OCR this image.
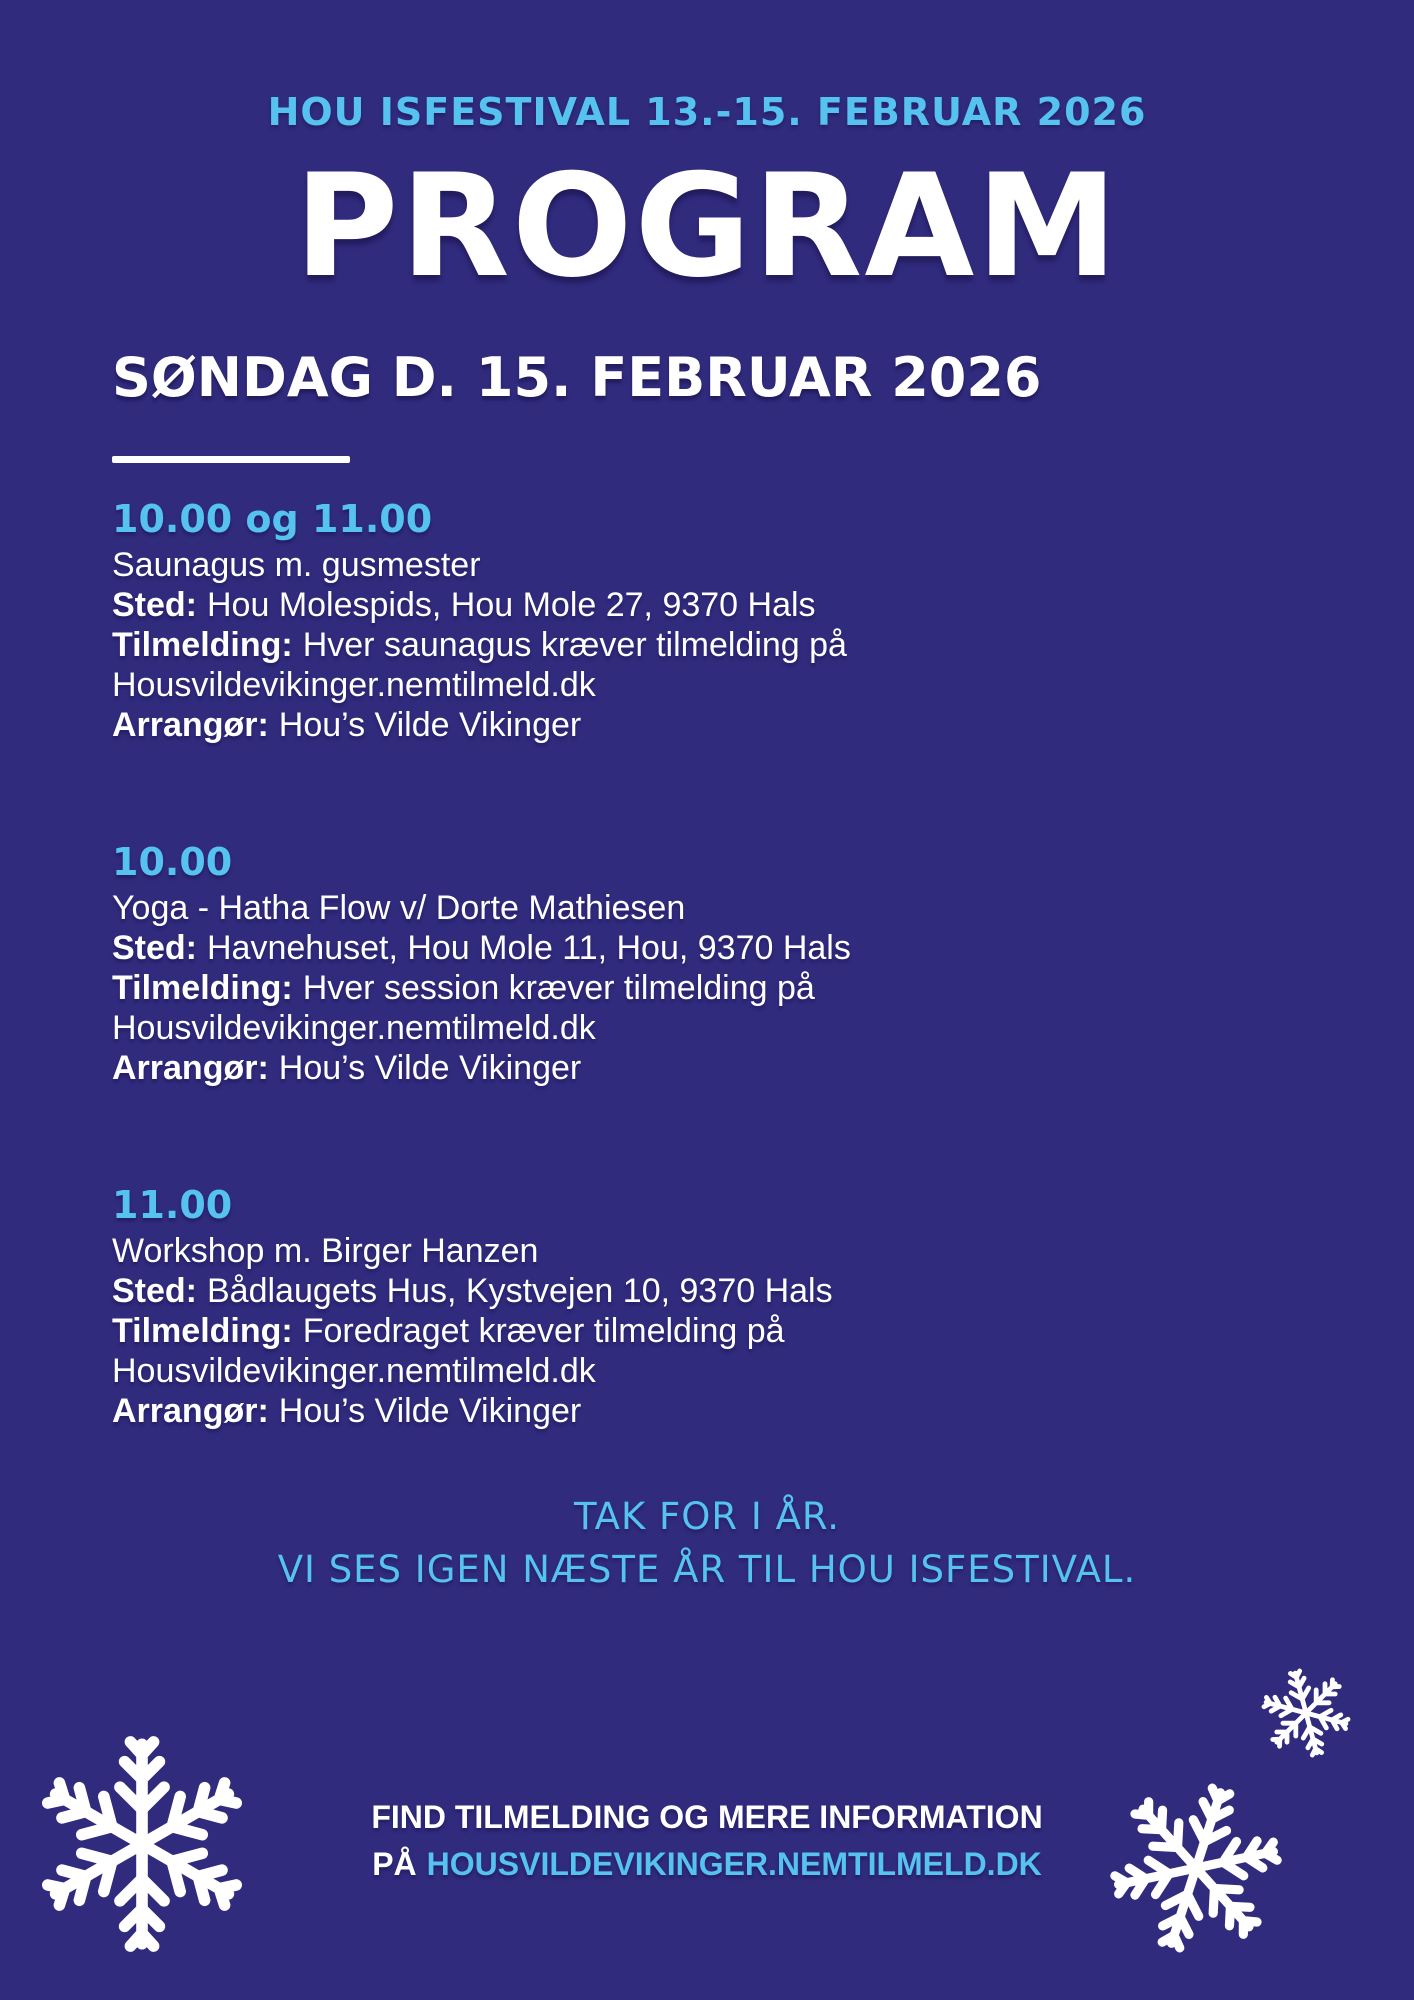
HOU ISFESTIVAL 13.-15. FEBRUAR 2026
PROGRAM
SØNDAG D. 15. FEBRUAR 2026
10.00 og 11.00
Saunagus m. gusmester
Sted: Hou Molespids, Hou Mole 27, 9370 Hals
Tilmelding: Hver saunagus kræver tilmelding på
Housvildevikinger.nemtilmeld.dk
Arrangør: Hou’s Vilde Vikinger
10.00
Yoga - Hatha Flow v/ Dorte Mathiesen
Sted: Havnehuset, Hou Mole 11, Hou, 9370 Hals
Tilmelding: Hver session kræver tilmelding på
Housvildevikinger.nemtilmeld.dk
Arrangør: Hou’s Vilde Vikinger
11.00
Workshop m. Birger Hanzen
Sted: Bådlaugets Hus, Kystvejen 10, 9370 Hals
Tilmelding: Foredraget kræver tilmelding på
Housvildevikinger.nemtilmeld.dk
Arrangør: Hou’s Vilde Vikinger
TAK FOR I ÅR.
VI SES IGEN NÆSTE ÅR TIL HOU ISFESTIVAL.
FIND TILMELDING OG MERE INFORMATION
PÅ HOUSVILDEVIKINGER.NEMTILMELD.DK
